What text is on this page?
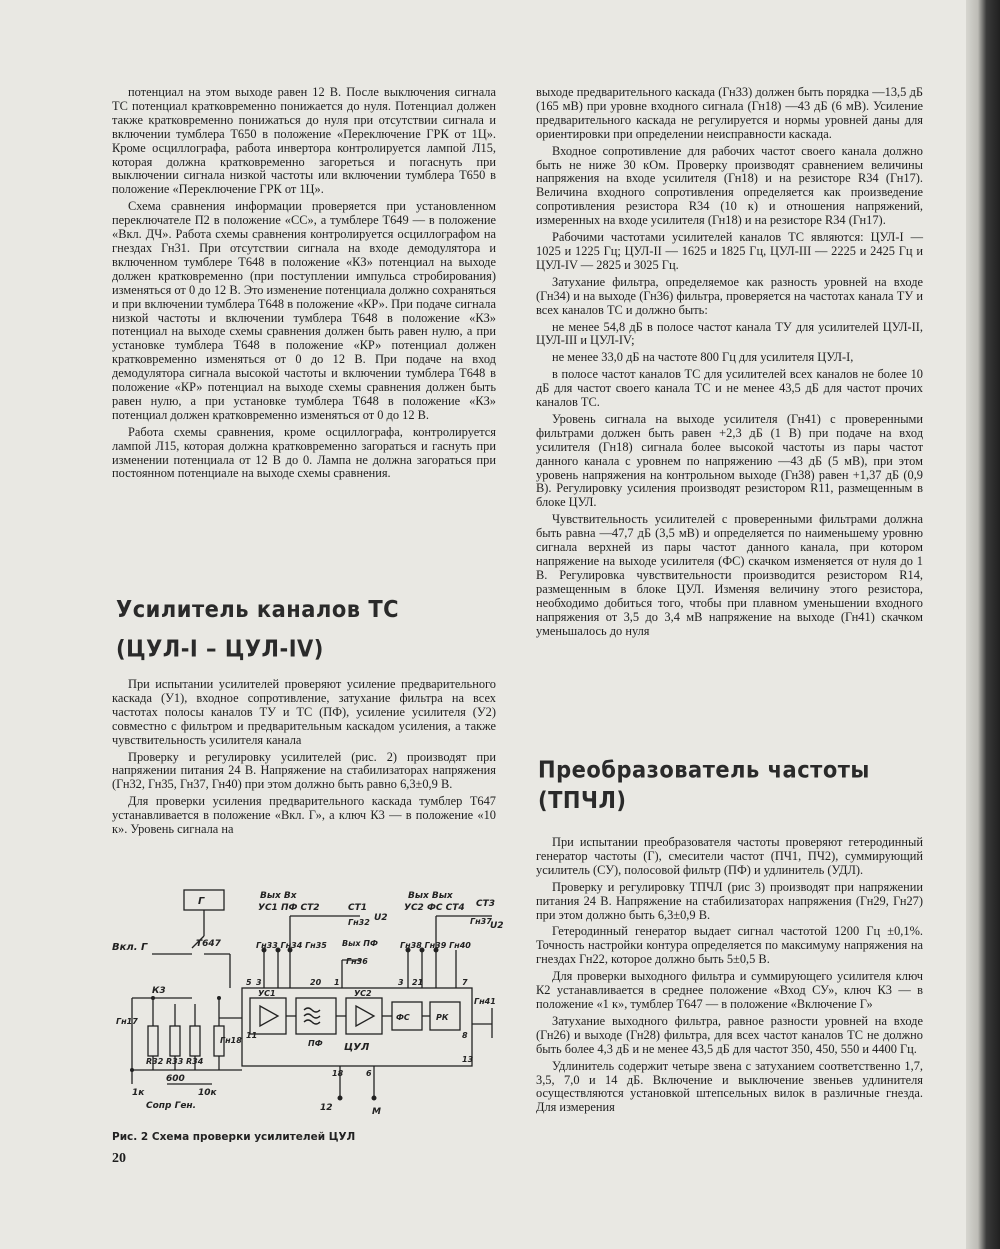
потенциал на этом выходе равен 12 В. После выключения сигнала ТС потенциал кратковременно понижается до нуля. Потенциал должен также кратковременно понижаться до нуля при отсутствии сигнала и включении тумблера Т650 в положение «Переключение ГРК от 1Ц». Кроме осциллографа, работа инвертора контролируется лампой Л15, которая должна кратковременно загореться и погаснуть при выключении сигнала низкой частоты или включении тумблера Т650 в положение «Переключение ГРК от 1Ц».

Схема сравнения информации проверяется при установленном переключателе П2 в положение «СС», а тумблере Т649 — в положение «Вкл. ДЧ». Работа схемы сравнения контролируется осциллографом на гнездах Гн31. При отсутствии сигнала на входе демодулятора и включенном тумблере Т648 в положение «КЗ» потенциал на выходе должен кратковременно (при поступлении импульса стробирования) изменяться от 0 до 12 В. Это изменение потенциала должно сохраняться и при включении тумблера Т648 в положение «КР». При подаче сигнала низкой частоты и включении тумблера Т648 в положение «КЗ» потенциал на выходе схемы сравнения должен быть равен нулю, а при установке тумблера Т648 в положение «КР» потенциал должен кратковременно изменяться от 0 до 12 В. При подаче на вход демодулятора сигнала высокой частоты и включении тумблера Т648 в положение «КР» потенциал на выходе схемы сравнения должен быть равен нулю, а при установке тумблера Т648 в положение «КЗ» потенциал должен кратковременно изменяться от 0 до 12 В.

Работа схемы сравнения, кроме осциллографа, контролируется лампой Л15, которая должна кратковременно загораться и гаснуть при изменении потенциала от 12 В до 0. Лампа не должна загораться при постоянном потенциале на выходе схемы сравнения.

Усилитель каналов ТС
(ЦУЛ-I – ЦУЛ-IV)

При испытании усилителей проверяют усиление предварительного каскада (У1), входное сопротивление, затухание фильтра на всех частотах полосы каналов ТУ и ТС (ПФ), усиление усилителя (У2) совместно с фильтром и предварительным каскадом усиления, а также чувствительность усилителя канала

Проверку и регулировку усилителей (рис. 2) производят при напряжении питания 24 В. Напряжение на стабилизаторах напряжения (Гн32, Гн35, Гн37, Гн40) при этом должно быть равно 6,3±0,9 В.

Для проверки усиления предварительного каскада тумблер Т647 устанавливается в положение «Вкл. Г», а ключ К3 — в положение «10 к». Уровень сигнала на

Г
Вкл. Г	Т647
К3
R32 R33 R34
Гн17
Гн18
600
1к	10к
Сопр Ген.
Вых Вх
УС1 ПФ СТ2	СТ1
Гн32 U2
Гн33 Гн34 Гн35 Вых ПФ
Гн36
Вых Вых
УС2 ФС СТ4 СТ3
Гн37
U2
Гн38 Гн39 Гн40
Гн41
УС1
ПФ
УС2
ФС	РК
ЦУЛ
5 3	20 1	3 21	7
8
11
18	6
13
12	М
Рис. 2 Схема проверки усилителей ЦУЛ
20

выходе предварительного каскада (Гн33) должен быть порядка —13,5 дБ (165 мВ) при уровне входного сигнала (Гн18) —43 дБ (6 мВ). Усиление предварительного каскада не регулируется и нормы уровней даны для ориентировки при определении неисправности каскада.

Входное сопротивление для рабочих частот своего канала должно быть не ниже 30 кОм. Проверку производят сравнением величины напряжения на входе усилителя (Гн18) и на резисторе R34 (Гн17). Величина входного сопротивления определяется как произведение сопротивления резистора R34 (10 к) и отношения напряжений, измеренных на входе усилителя (Гн18) и на резисторе R34 (Гн17).

Рабочими частотами усилителей каналов ТС являются: ЦУЛ-I — 1025 и 1225 Гц; ЦУЛ-II — 1625 и 1825 Гц, ЦУЛ-III — 2225 и 2425 Гц и ЦУЛ-IV — 2825 и 3025 Гц.

Затухание фильтра, определяемое как разность уровней на входе (Гн34) и на выходе (Гн36) фильтра, проверяется на частотах канала ТУ и всех каналов ТС и должно быть:

не менее 54,8 дБ в полосе частот канала ТУ для усилителей ЦУЛ-II, ЦУЛ-III и ЦУЛ-IV;

не менее 33,0 дБ на частоте 800 Гц для усилителя ЦУЛ-I,

в полосе частот каналов ТС для усилителей всех каналов не более 10 дБ для частот своего канала ТС и не менее 43,5 дБ для частот прочих каналов ТС.

Уровень сигнала на выходе усилителя (Гн41) с проверенными фильтрами должен быть равен +2,3 дБ (1 В) при подаче на вход усилителя (Гн18) сигнала более высокой частоты из пары частот данного канала с уровнем по напряжению —43 дБ (5 мВ), при этом уровень напряжения на контрольном выходе (Гн38) равен +1,37 дБ (0,9 В). Регулировку усиления производят резистором R11, размещенным в блоке ЦУЛ.

Чувствительность усилителей с проверенными фильтрами должна быть равна —47,7 дБ (3,5 мВ) и определяется по наименьшему уровню сигнала верхней из пары частот данного канала, при котором напряжение на выходе усилителя (ФС) скачком изменяется от нуля до 1 В. Регулировка чувствительности производится резистором R14, размещенным в блоке ЦУЛ. Изменяя величину этого резистора, необходимо добиться того, чтобы при плавном уменьшении входного напряжения от 3,5 до 3,4 мВ напряжение на выходе (Гн41) скачком уменьшалось до нуля

Преобразователь частоты (ТПЧЛ)

При испытании преобразователя частоты проверяют гетеродинный генератор частоты (Г), смесители частот (ПЧ1, ПЧ2), суммирующий усилитель (СУ), полосовой фильтр (ПФ) и удлинитель (УДЛ).

Проверку и регулировку ТПЧЛ (рис 3) производят при напряжении питания 24 В. Напряжение на стабилизаторах напряжения (Гн29, Гн27) при этом должно быть 6,3±0,9 В.

Гетеродинный генератор выдает сигнал частотой 1200 Гц ±0,1%. Точность настройки контура определяется по максимуму напряжения на гнездах Гн22, которое должно быть 5±0,5 В.

Для проверки выходного фильтра и суммирующего усилителя ключ К2 устанавливается в среднее положение «Вход СУ», ключ К3 — в положение «1 к», тумблер Т647 — в положение «Включение Г»

Затухание выходного фильтра, равное разности уровней на входе (Гн26) и выходе (Гн28) фильтра, для всех частот каналов ТС не должно быть более 4,3 дБ и не менее 43,5 дБ для частот 350, 450, 550 и 4400 Гц.

Удлинитель содержит четыре звена с затуханием соответственно 1,7, 3,5, 7,0 и 14 дБ. Включение и выключение звеньев удлинителя осуществляются установкой штепсельных вилок в различные гнезда. Для измерения
